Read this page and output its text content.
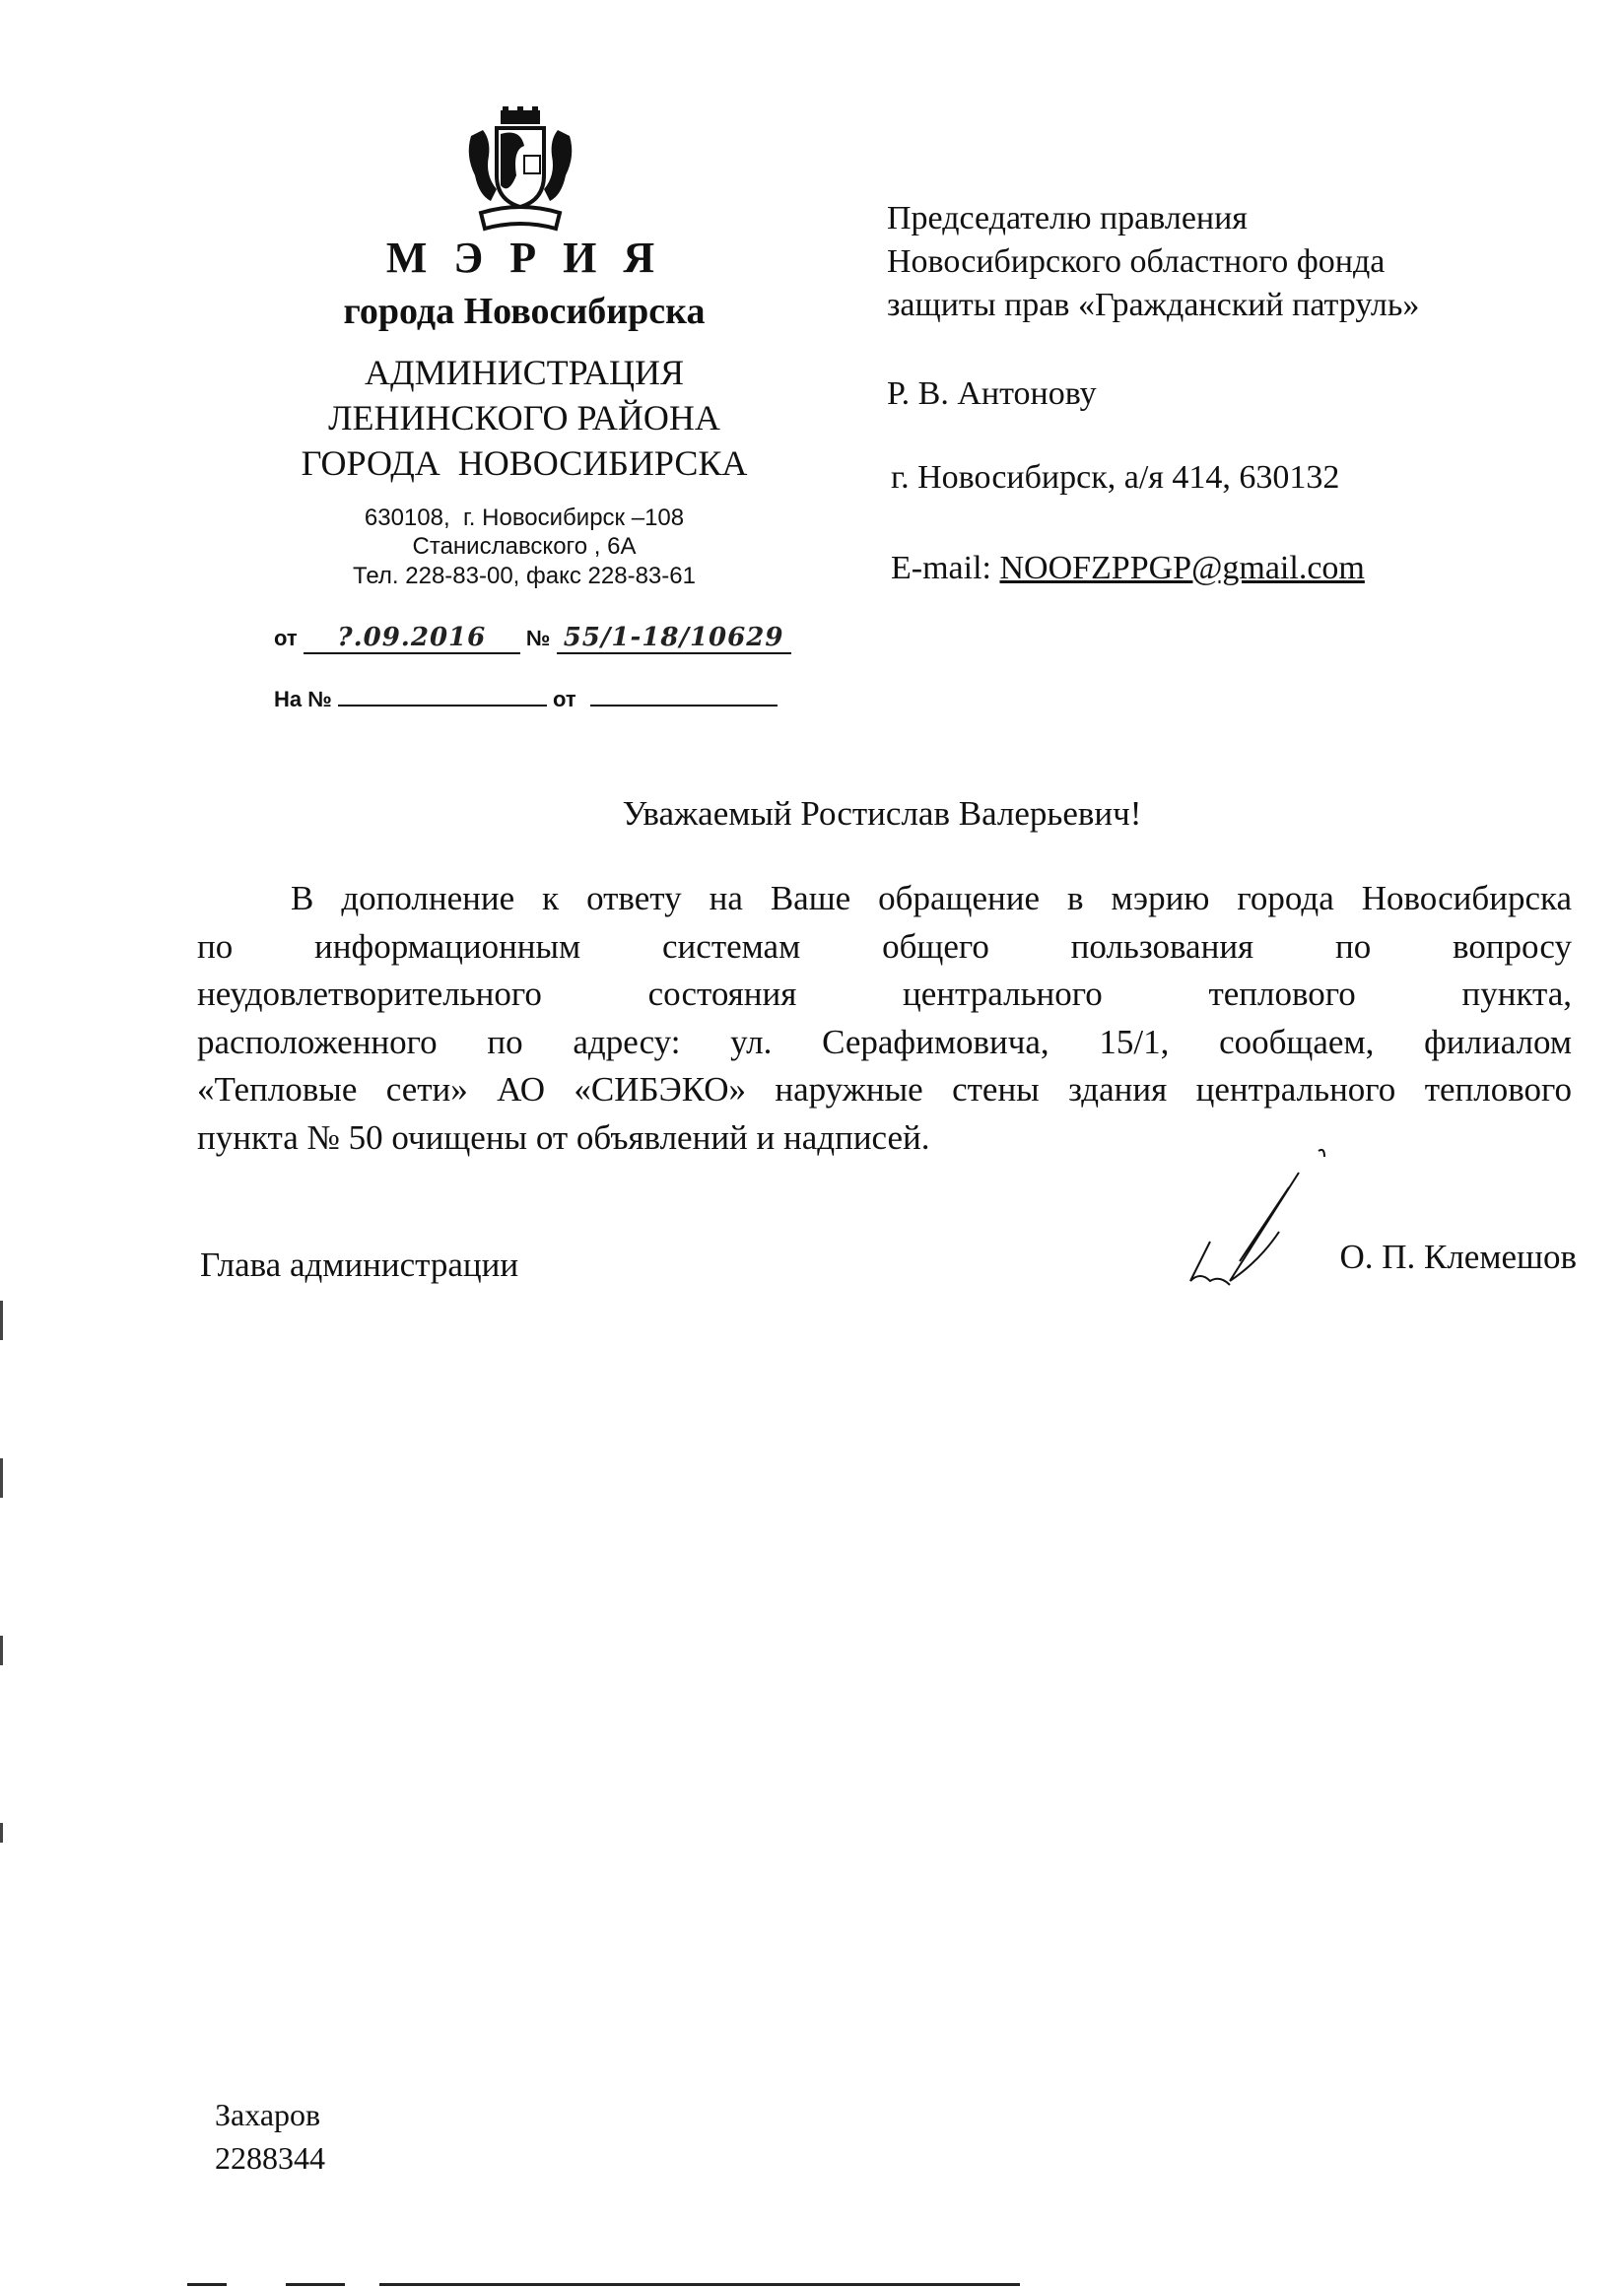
М Э Р И Я
города Новосибирска
АДМИНИСТРАЦИЯ
ЛЕНИНСКОГО РАЙОНА
ГОРОДА  НОВОСИБИРСКА
630108,  г. Новосибирск –108
Станиславского , 6А
Тел. 228-83-00, факс 228-83-61
от ?.09.2016 № 55/1-18/10629
На №	от
Председателю правления
Новосибирского областного фонда
защиты прав «Гражданский патруль»
Р. В. Антонову
г. Новосибирск, а/я 414, 630132
E-mail: NOOFZPPGP@gmail.com
Уважаемый Ростислав Валерьевич!
В дополнение к ответу на Ваше обращение в мэрию города Новосибирска
по информационным системам общего пользования по вопросу
неудовлетворительного состояния центрального теплового пункта,
расположенного по адресу: ул. Серафимовича, 15/1, сообщаем, филиалом
«Тепловые сети» АО «СИБЭКО» наружные стены здания центрального теплового
пункта № 50 очищены от объявлений и надписей.
Глава администрации	О. П. Клемешов
Захаров
2288344
